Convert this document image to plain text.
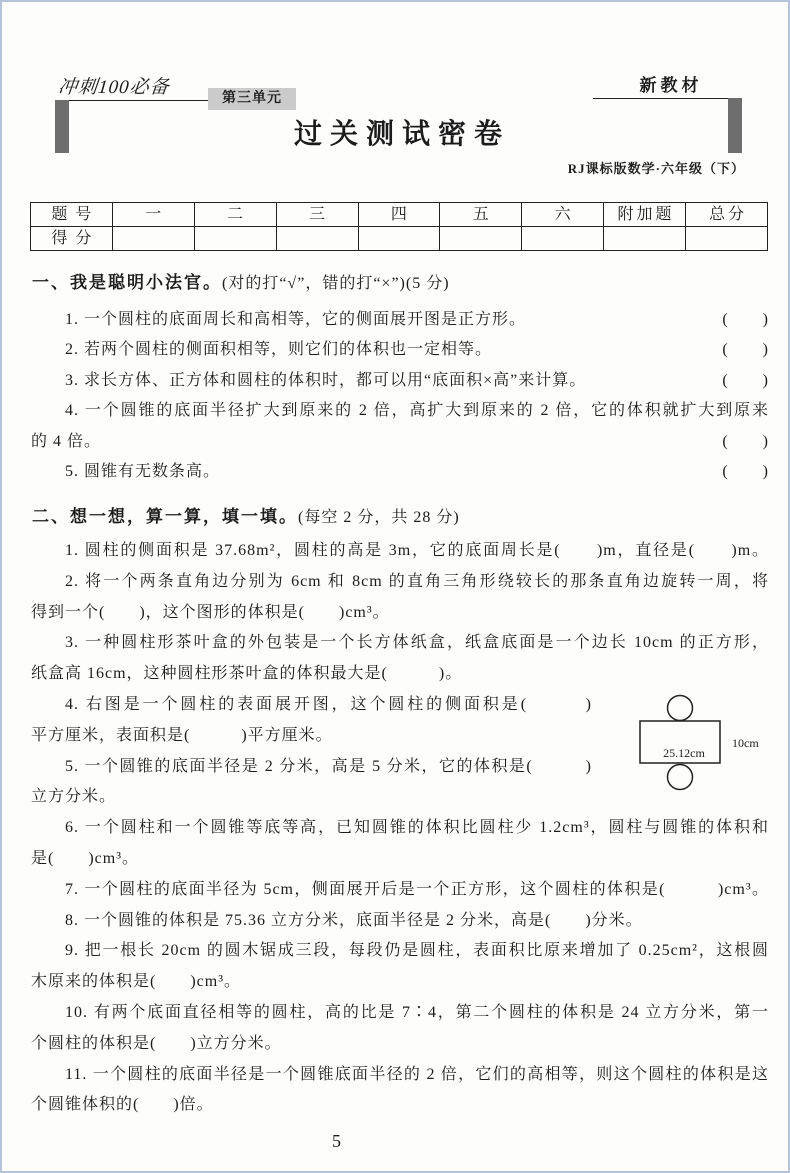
冲刺100必备
第三单元
过关测试密卷
新教材
RJ课标版数学·六年级（下）
题号	一	二	三	四	五	六	附加题	总分
得分								
一、我是聪明小法官。(对的打“√”，错的打“×”)(5 分)
1. 一个圆柱的底面周长和高相等，它的侧面展开图是正方形。	(　　)
2. 若两个圆柱的侧面积相等，则它们的体积也一定相等。	(　　)
3. 求长方体、正方体和圆柱的体积时，都可以用“底面积×高”来计算。	(　　)
4. 一个圆锥的底面半径扩大到原来的 2 倍，高扩大到原来的 2 倍，它的体积就扩大到原来
的 4 倍。	(　　)
5. 圆锥有无数条高。	(　　)
二、想一想，算一算，填一填。(每空 2 分，共 28 分)
1. 圆柱的侧面积是 37.68m²，圆柱的高是 3m，它的底面周长是(　　)m，直径是(　　)m。
2. 将一个两条直角边分别为 6cm 和 8cm 的直角三角形绕较长的那条直角边旋转一周，将
得到一个(　　)，这个图形的体积是(　　)cm³。
3. 一种圆柱形茶叶盒的外包装是一个长方体纸盒，纸盒底面是一个边长 10cm 的正方形，
纸盒高 16cm，这种圆柱形茶叶盒的体积最大是(　　　)。
4. 右图是一个圆柱的表面展开图，这个圆柱的侧面积是(　　　)
平方厘米，表面积是(　　　)平方厘米。
5. 一个圆锥的底面半径是 2 分米，高是 5 分米，它的体积是(　　　)
立方分米。
6. 一个圆柱和一个圆锥等底等高，已知圆锥的体积比圆柱少 1.2cm³，圆柱与圆锥的体积和
是(　　)cm³。
7. 一个圆柱的底面半径为 5cm，侧面展开后是一个正方形，这个圆柱的体积是(　　　)cm³。
8. 一个圆锥的体积是 75.36 立方分米，底面半径是 2 分米，高是(　　)分米。
9. 把一根长 20cm 的圆木锯成三段，每段仍是圆柱，表面积比原来增加了 0.25cm²，这根圆
木原来的体积是(　　)cm³。
10. 有两个底面直径相等的圆柱，高的比是 7∶4，第二个圆柱的体积是 24 立方分米，第一
个圆柱的体积是(　　)立方分米。
11. 一个圆柱的底面半径是一个圆锥底面半径的 2 倍，它们的高相等，则这个圆柱的体积是这
个圆锥体积的(　　)倍。
25.12cm
10cm
5
